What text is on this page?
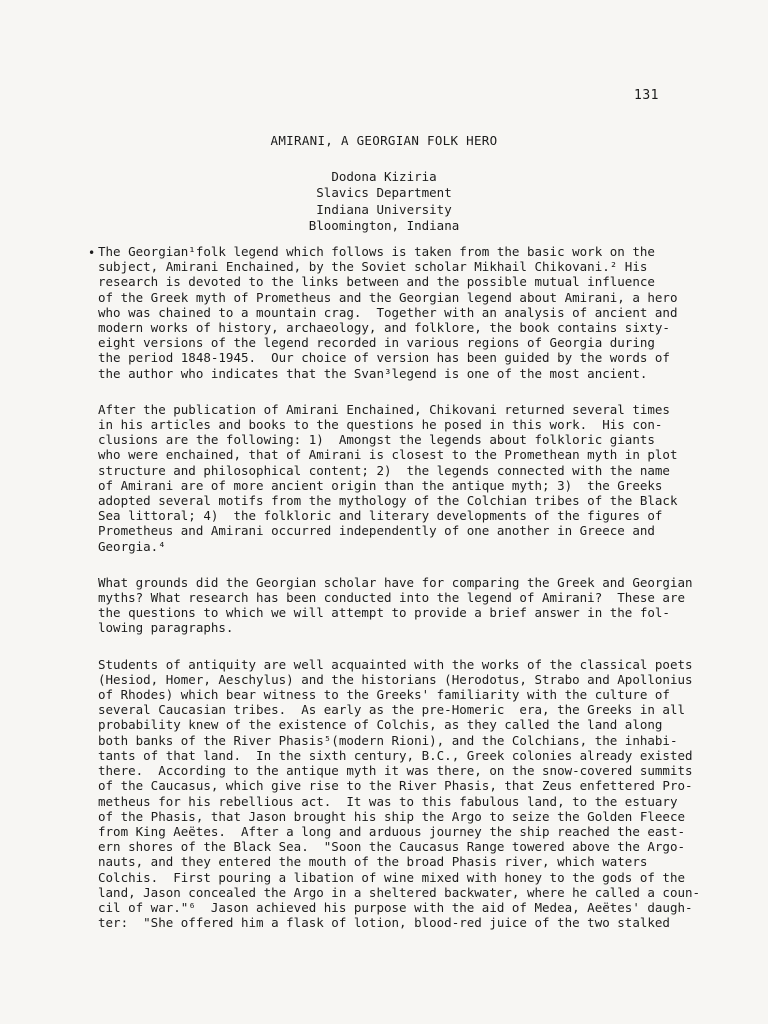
131
AMIRANI, A GEORGIAN FOLK HERO
Dodona Kiziria
Slavics Department
Indiana University
Bloomington, Indiana
• The Georgian¹folk legend which follows is taken from the basic work on the
subject, Amirani Enchained, by the Soviet scholar Mikhail Chikovani.² His
research is devoted to the links between and the possible mutual influence
of the Greek myth of Prometheus and the Georgian legend about Amirani, a hero
who was chained to a mountain crag.  Together with an analysis of ancient and
modern works of history, archaeology, and folklore, the book contains sixty-
eight versions of the legend recorded in various regions of Georgia during
the period 1848-1945.  Our choice of version has been guided by the words of
the author who indicates that the Svan³legend is one of the most ancient.
After the publication of Amirani Enchained, Chikovani returned several times
in his articles and books to the questions he posed in this work.  His con-
clusions are the following: 1)  Amongst the legends about folkloric giants
who were enchained, that of Amirani is closest to the Promethean myth in plot
structure and philosophical content; 2)  the legends connected with the name
of Amirani are of more ancient origin than the antique myth; 3)  the Greeks
adopted several motifs from the mythology of the Colchian tribes of the Black
Sea littoral; 4)  the folkloric and literary developments of the figures of
Prometheus and Amirani occurred independently of one another in Greece and
Georgia.⁴
What grounds did the Georgian scholar have for comparing the Greek and Georgian
myths? What research has been conducted into the legend of Amirani?  These are
the questions to which we will attempt to provide a brief answer in the fol-
lowing paragraphs.
Students of antiquity are well acquainted with the works of the classical poets
(Hesiod, Homer, Aeschylus) and the historians (Herodotus, Strabo and Apollonius
of Rhodes) which bear witness to the Greeks' familiarity with the culture of
several Caucasian tribes.  As early as the pre-Homeric  era, the Greeks in all
probability knew of the existence of Colchis, as they called the land along
both banks of the River Phasis⁵(modern Rioni), and the Colchians, the inhabi-
tants of that land.  In the sixth century, B.C., Greek colonies already existed
there.  According to the antique myth it was there, on the snow-covered summits
of the Caucasus, which give rise to the River Phasis, that Zeus enfettered Pro-
metheus for his rebellious act.  It was to this fabulous land, to the estuary
of the Phasis, that Jason brought his ship the Argo to seize the Golden Fleece
from King Aeëtes.  After a long and arduous journey the ship reached the east-
ern shores of the Black Sea.  "Soon the Caucasus Range towered above the Argo-
nauts, and they entered the mouth of the broad Phasis river, which waters
Colchis.  First pouring a libation of wine mixed with honey to the gods of the
land, Jason concealed the Argo in a sheltered backwater, where he called a coun-
cil of war."⁶  Jason achieved his purpose with the aid of Medea, Aeëtes' daugh-
ter:  "She offered him a flask of lotion, blood-red juice of the two stalked
